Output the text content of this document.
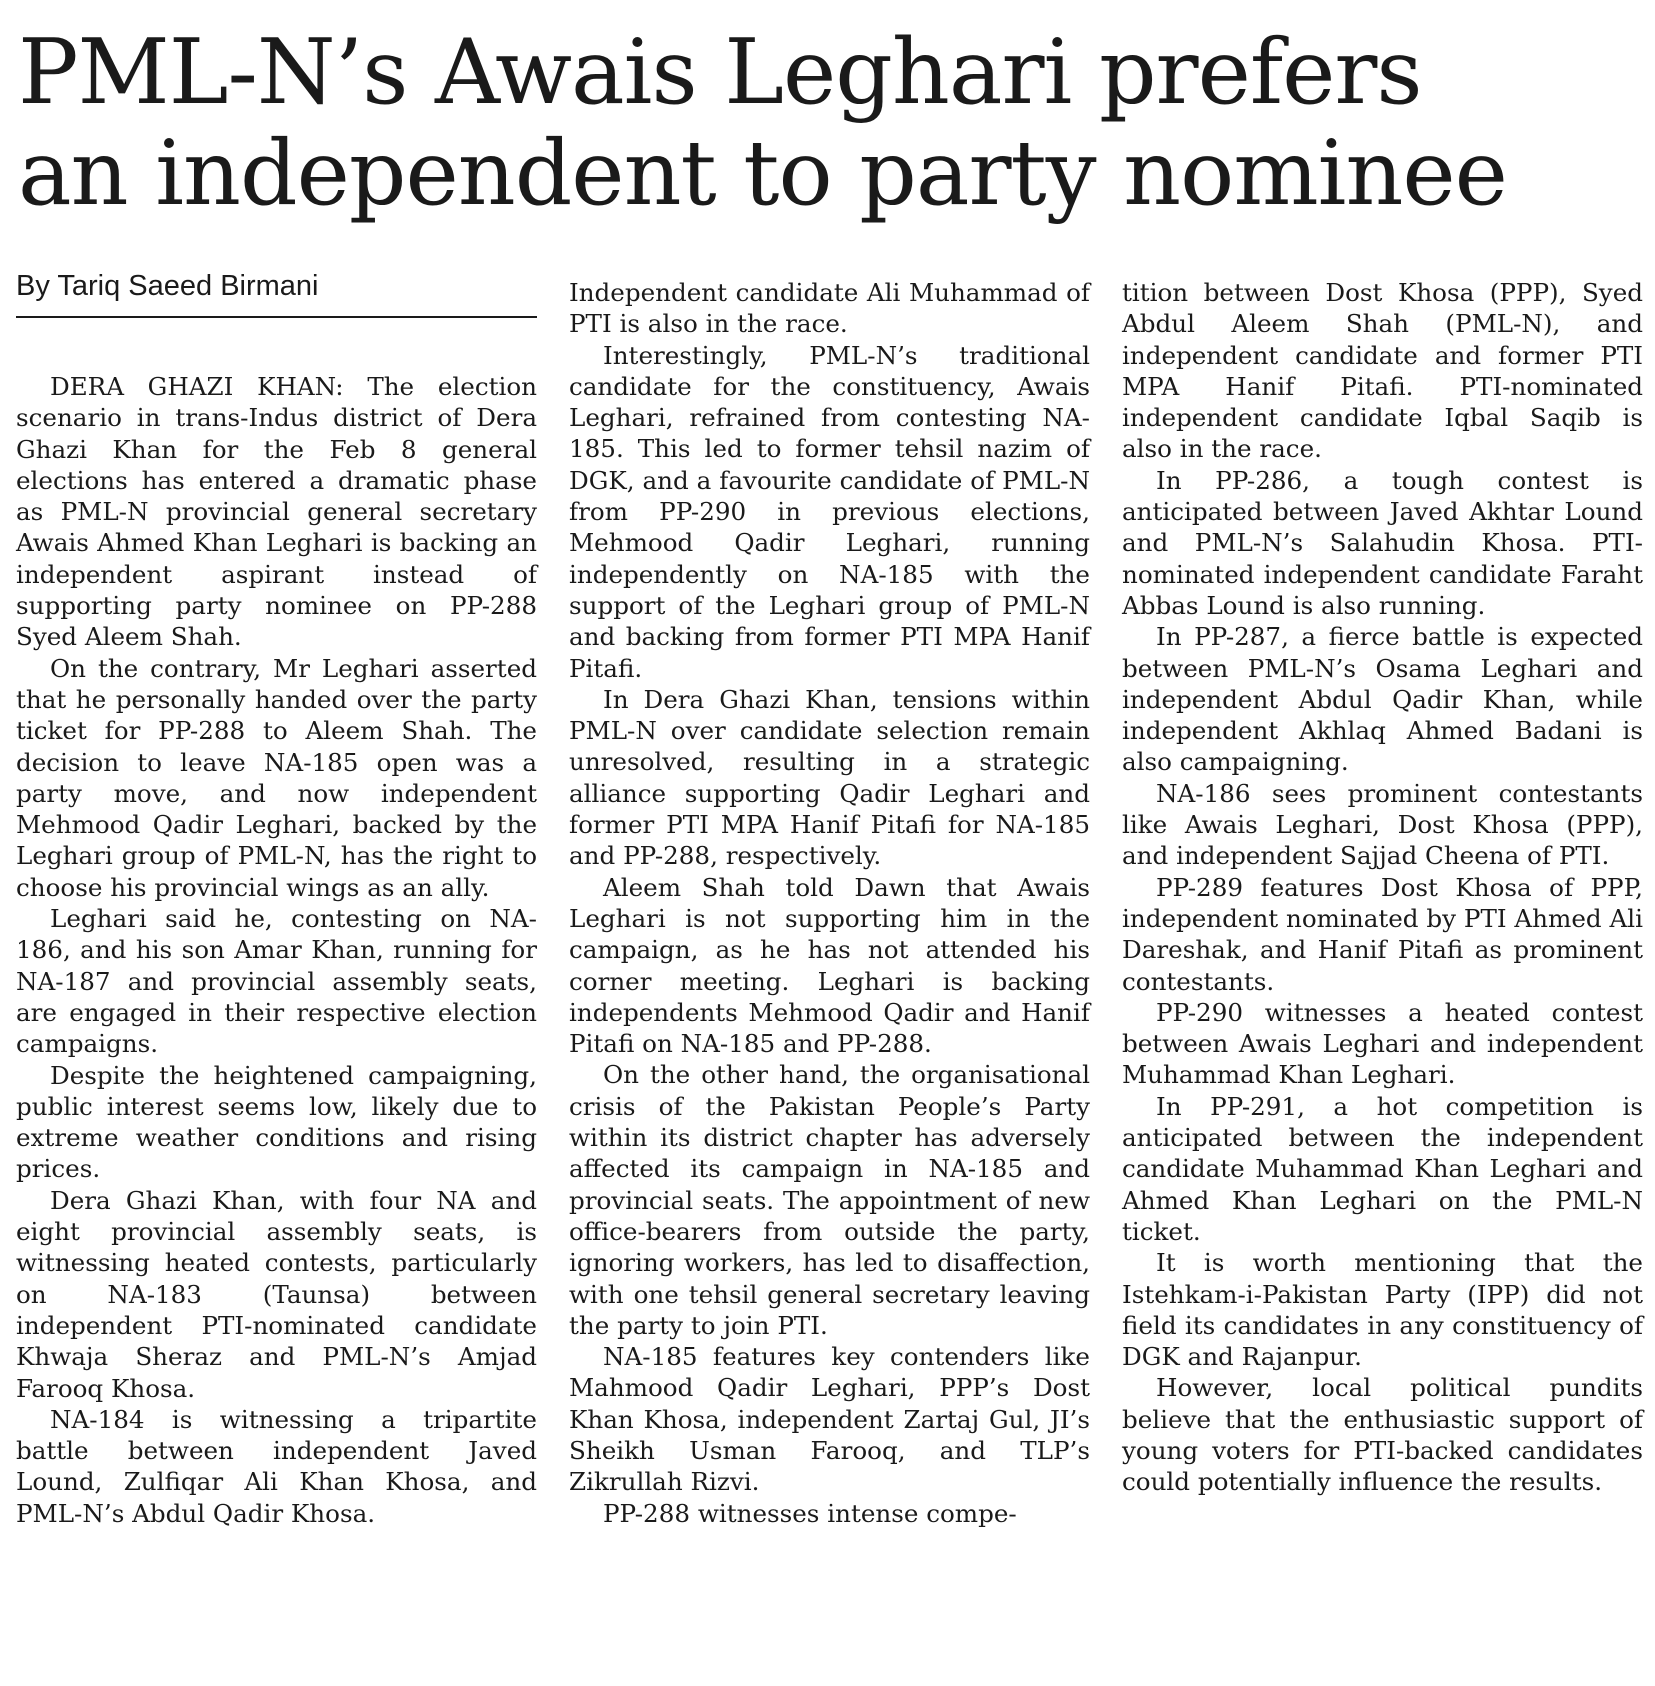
PML-N’s Awais Leghari prefers
an independent to party nominee
By Tariq Saeed Birmani

DERA GHAZI KHAN: The election scenario in trans-Indus district of Dera Ghazi Khan for the Feb 8 general elections has entered a dramatic phase as PML-N provincial general secretary Awais Ahmed Khan Leghari is backing an independent aspirant instead of supporting party nominee on PP-288 Syed Aleem Shah.

On the contrary, Mr Leghari asserted that he personally handed over the party ticket for PP-288 to Aleem Shah. The decision to leave NA-185 open was a party move, and now independent Mehmood Qadir Leghari, backed by the Leghari group of PML-N, has the right to choose his provincial wings as an ally.

Leghari said he, contesting on NA-186, and his son Amar Khan, running for NA-187 and provincial assembly seats, are engaged in their respective election campaigns.

Despite the heightened campaigning, public interest seems low, likely due to extreme weather conditions and rising prices.

Dera Ghazi Khan, with four NA and eight provincial assembly seats, is witnessing heated contests, particularly on NA-183 (Taunsa) between independent PTI-nominated candidate Khwaja Sheraz and PML-N’s Amjad Farooq Khosa.

NA-184 is witnessing a tripartite battle between independent Javed Lound, Zulfiqar Ali Khan Khosa, and PML-N’s Abdul Qadir Khosa.

Independent candidate Ali Muhammad of PTI is also in the race.

Interestingly, PML-N’s traditional candidate for the constituency, Awais Leghari, refrained from contesting NA-185. This led to former tehsil nazim of DGK, and a favourite candidate of PML-N from PP-290 in previous elections, Mehmood Qadir Leghari, running independently on NA-185 with the support of the Leghari group of PML-N and backing from former PTI MPA Hanif Pitafi.

In Dera Ghazi Khan, tensions within PML-N over candidate selection remain unresolved, resulting in a strategic alliance supporting Qadir Leghari and former PTI MPA Hanif Pitafi for NA-185 and PP-288, respectively.

Aleem Shah told Dawn that Awais Leghari is not supporting him in the campaign, as he has not attended his corner meeting. Leghari is backing independents Mehmood Qadir and Hanif Pitafi on NA-185 and PP-288.

On the other hand, the organisational crisis of the Pakistan People’s Party within its district chapter has adversely affected its campaign in NA-185 and provincial seats. The appointment of new office-bearers from outside the party, ignoring workers, has led to disaffection, with one tehsil general secretary leaving the party to join PTI.

NA-185 features key contenders like Mahmood Qadir Leghari, PPP’s Dost Khan Khosa, independent Zartaj Gul, JI’s Sheikh Usman Farooq, and TLP’s Zikrullah Rizvi.

PP-288 witnesses intense compe-

tition between Dost Khosa (PPP), Syed Abdul Aleem Shah (PML-N), and independent candidate and former PTI MPA Hanif Pitafi. PTI-nominated independent candidate Iqbal Saqib is also in the race.

In PP-286, a tough contest is anticipated between Javed Akhtar Lound and PML-N’s Salahudin Khosa. PTI-nominated independent candidate Faraht Abbas Lound is also running.

In PP-287, a fierce battle is expected between PML-N’s Osama Leghari and independent Abdul Qadir Khan, while independent Akhlaq Ahmed Badani is also campaigning.

NA-186 sees prominent contestants like Awais Leghari, Dost Khosa (PPP), and independent Sajjad Cheena of PTI.

PP-289 features Dost Khosa of PPP, independent nominated by PTI Ahmed Ali Dareshak, and Hanif Pitafi as prominent contestants.

PP-290 witnesses a heated contest between Awais Leghari and independent Muhammad Khan Leghari.

In PP-291, a hot competition is anticipated between the independent candidate Muhammad Khan Leghari and Ahmed Khan Leghari on the PML-N ticket.

It is worth mentioning that the Istehkam-i-Pakistan Party (IPP) did not field its candidates in any constituency of DGK and Rajanpur.

However, local political pundits believe that the enthusiastic support of young voters for PTI-backed candidates could potentially influence the results.
